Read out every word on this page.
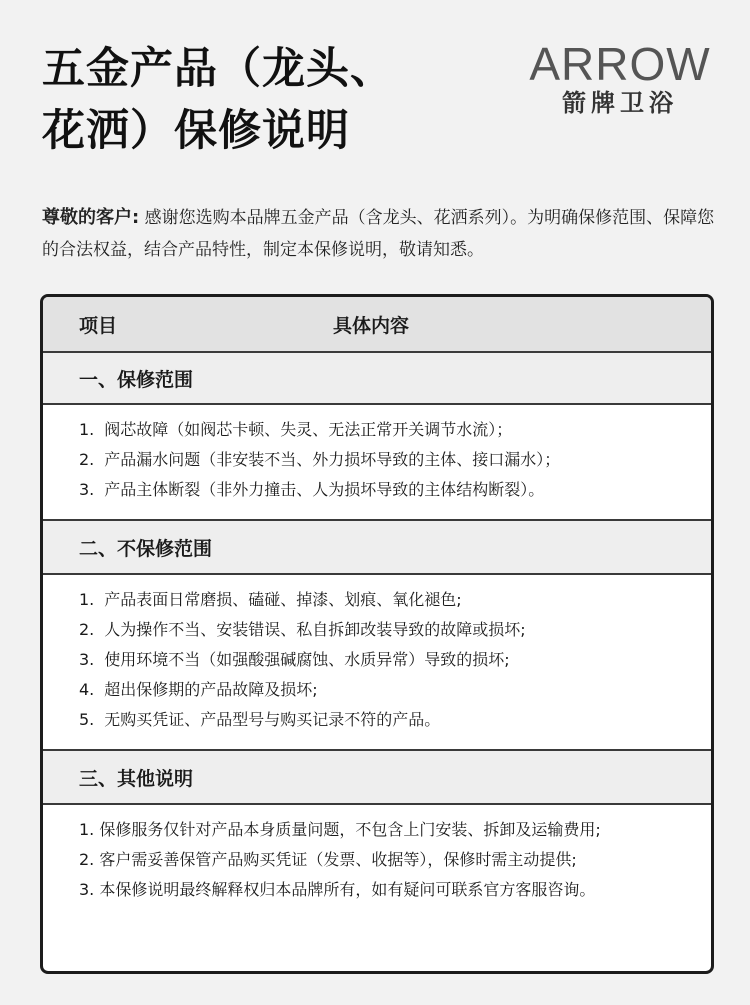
五金产品（龙头、
花洒）保修说明
ARROW
箭牌卫浴

尊敬的客户: 感谢您选购本品牌五金产品（含龙头、花洒系列）。为明确保修范围、保障您的合法权益，结合产品特性，制定本保修说明，敬请知悉。

项目	具体内容
一、保修范围
1. 阀芯故障（如阀芯卡顿、失灵、无法正常开关调节水流）；
2. 产品漏水问题（非安装不当、外力损坏导致的主体、接口漏水）；
3. 产品主体断裂（非外力撞击、人为损坏导致的主体结构断裂）。
二、不保修范围
1. 产品表面日常磨损、磕碰、掉漆、划痕、氧化褪色;
2. 人为操作不当、安装错误、私自拆卸改装导致的故障或损坏;
3. 使用环境不当（如强酸强碱腐蚀、水质异常）导致的损坏;
4. 超出保修期的产品故障及损坏;
5. 无购买凭证、产品型号与购买记录不符的产品。
三、其他说明
1. 保修服务仅针对产品本身质量问题，不包含上门安装、拆卸及运输费用;
2. 客户需妥善保管产品购买凭证（发票、收据等），保修时需主动提供;
3. 本保修说明最终解释权归本品牌所有，如有疑问可联系官方客服咨询。
